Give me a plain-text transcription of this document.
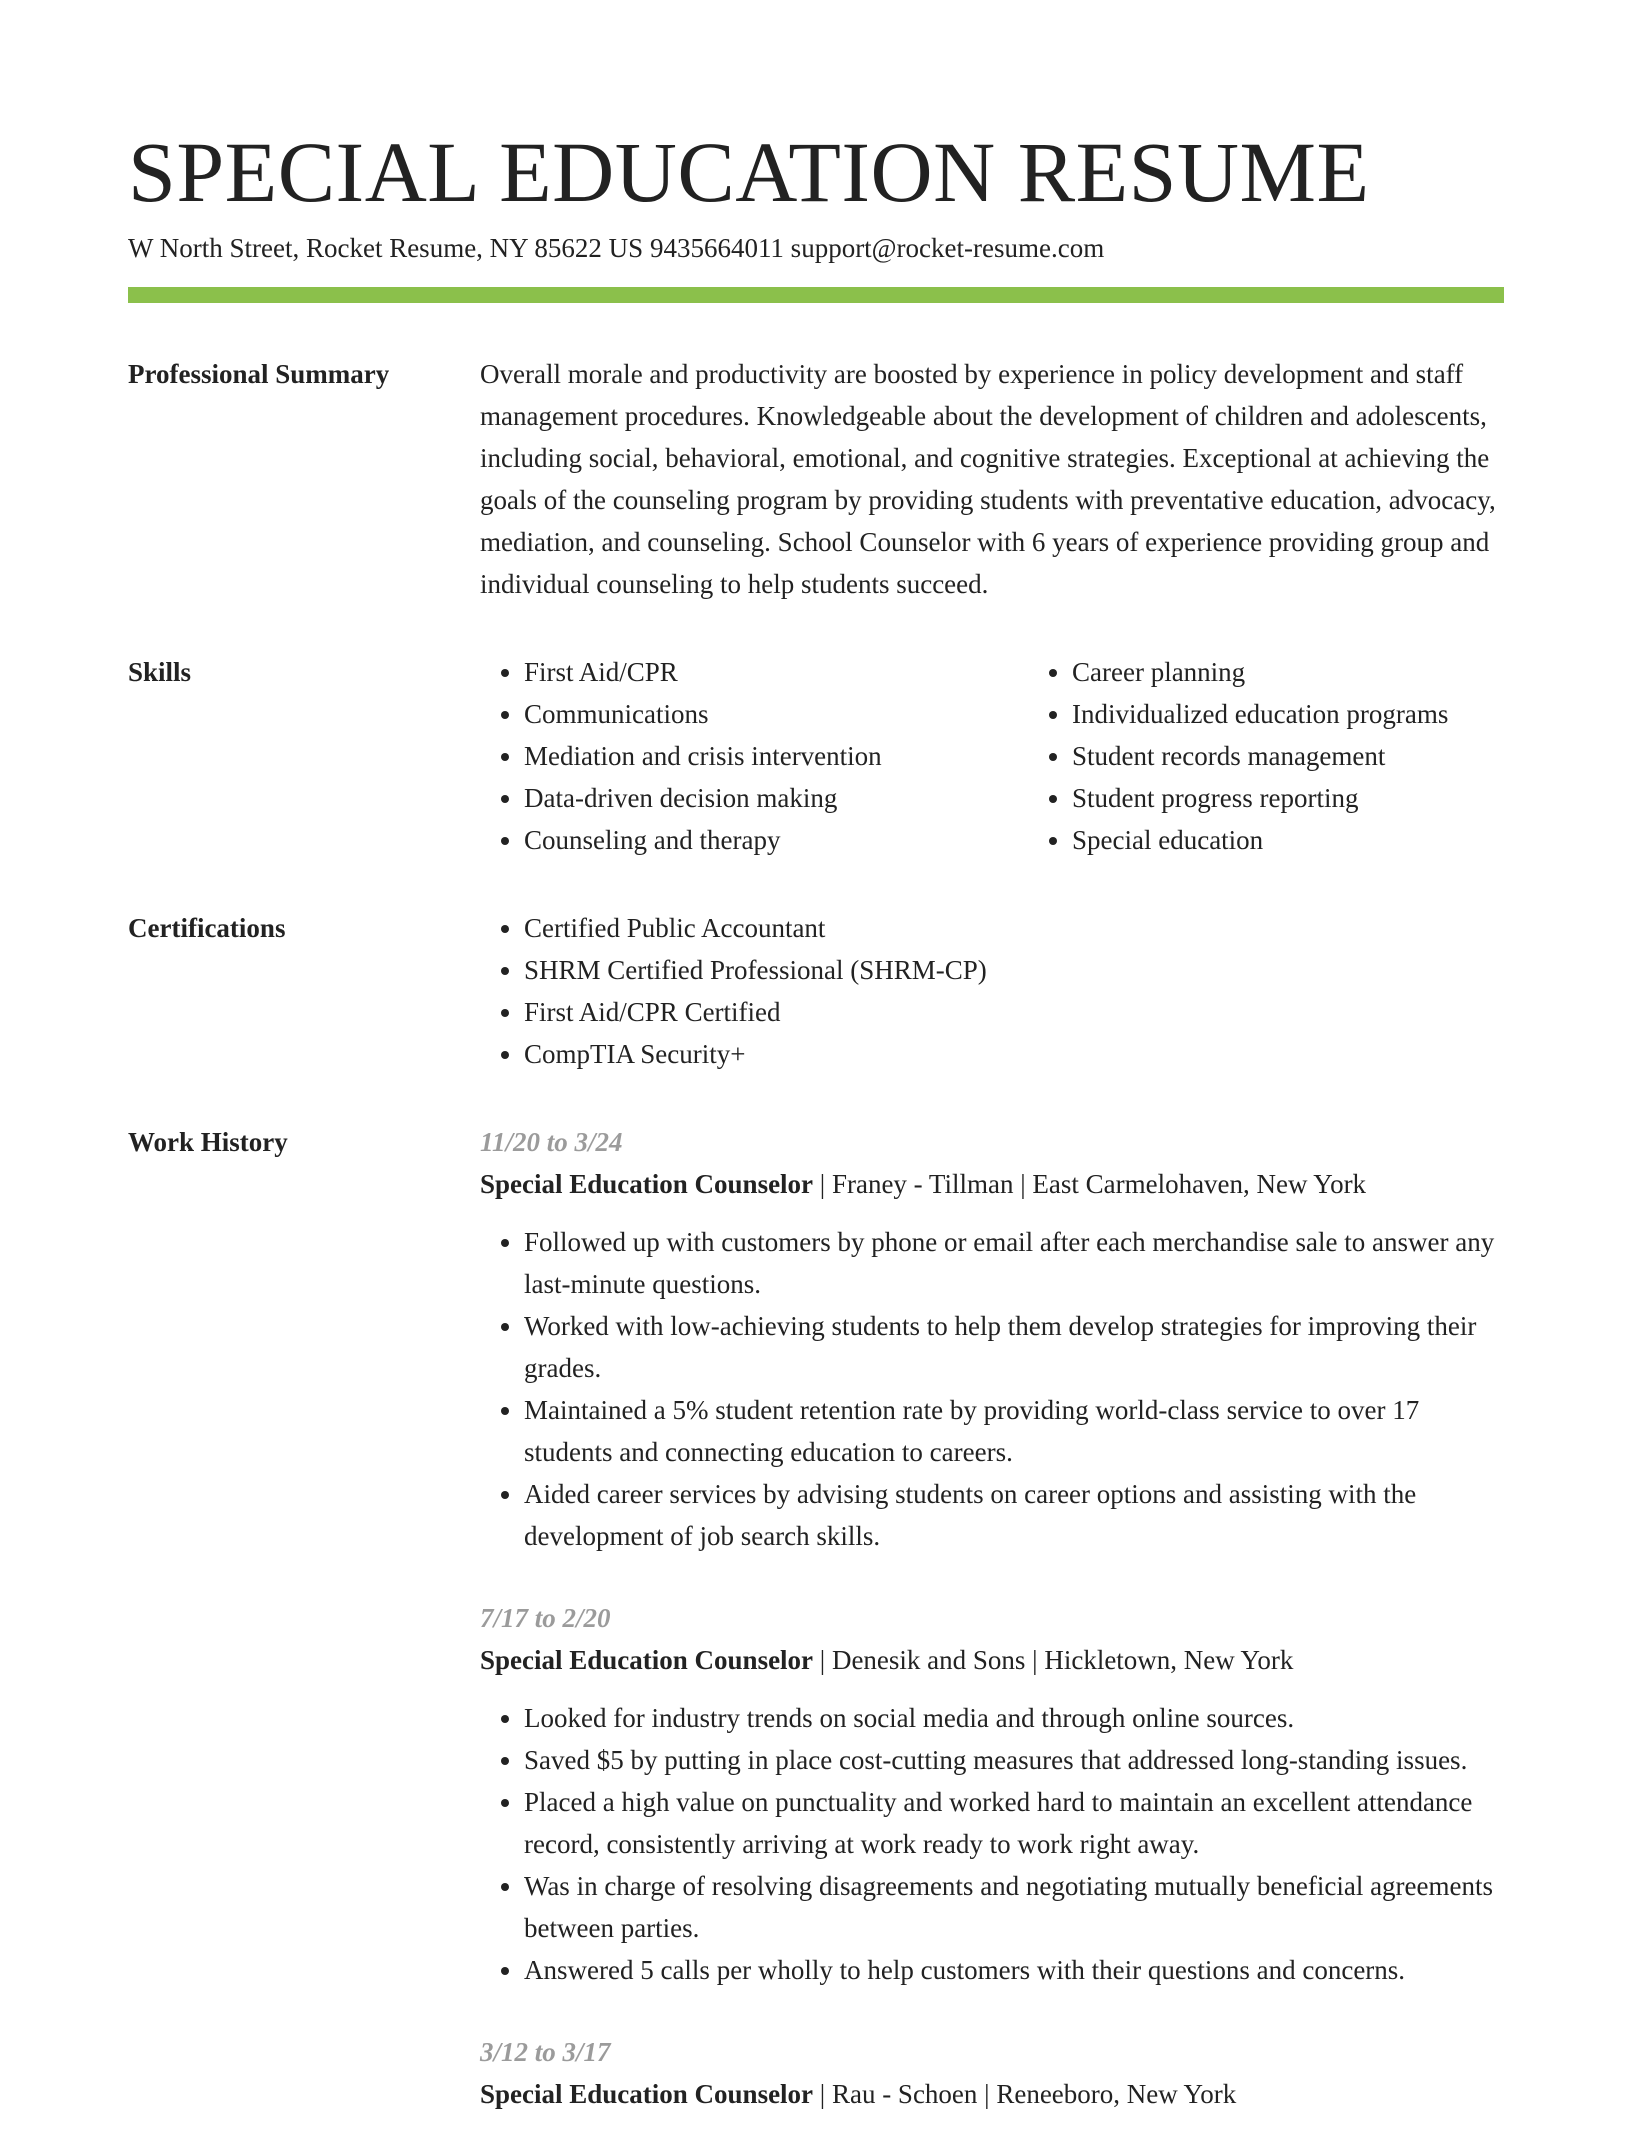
SPECIAL EDUCATION RESUME
W North Street, Rocket Resume, NY 85622 US 9435664011 support@rocket-resume.com
Professional Summary	Overall morale and productivity are boosted by experience in policy development and staff management procedures. Knowledgeable about the development of children and adolescents, including social, behavioral, emotional, and cognitive strategies. Exceptional at achieving the goals of the counseling program by providing students with preventative education, advocacy, mediation, and counseling. School Counselor with 6 years of experience providing group and individual counseling to help students succeed.

Skills	• First Aid/CPR
• Communications
• Mediation and crisis intervention
• Data-driven decision making
• Counseling and therapy
• Career planning
• Individualized education programs
• Student records management
• Student progress reporting
• Special education
Certifications	• Certified Public Accountant
• SHRM Certified Professional (SHRM-CP)
• First Aid/CPR Certified
• CompTIA Security+
Work History	11/20 to 3/24
Special Education Counselor | Franey - Tillman | East Carmelohaven, New York
• Followed up with customers by phone or email after each merchandise sale to answer any last-minute questions.
• Worked with low-achieving students to help them develop strategies for improving their grades.
• Maintained a 5% student retention rate by providing world-class service to over 17 students and connecting education to careers.
• Aided career services by advising students on career options and assisting with the development of job search skills.
7/17 to 2/20
Special Education Counselor | Denesik and Sons | Hickletown, New York
• Looked for industry trends on social media and through online sources.
• Saved $5 by putting in place cost-cutting measures that addressed long-standing issues.
• Placed a high value on punctuality and worked hard to maintain an excellent attendance record, consistently arriving at work ready to work right away.
• Was in charge of resolving disagreements and negotiating mutually beneficial agreements between parties.
• Answered 5 calls per wholly to help customers with their questions and concerns.
3/12 to 3/17
Special Education Counselor | Rau - Schoen | Reneeboro, New York
